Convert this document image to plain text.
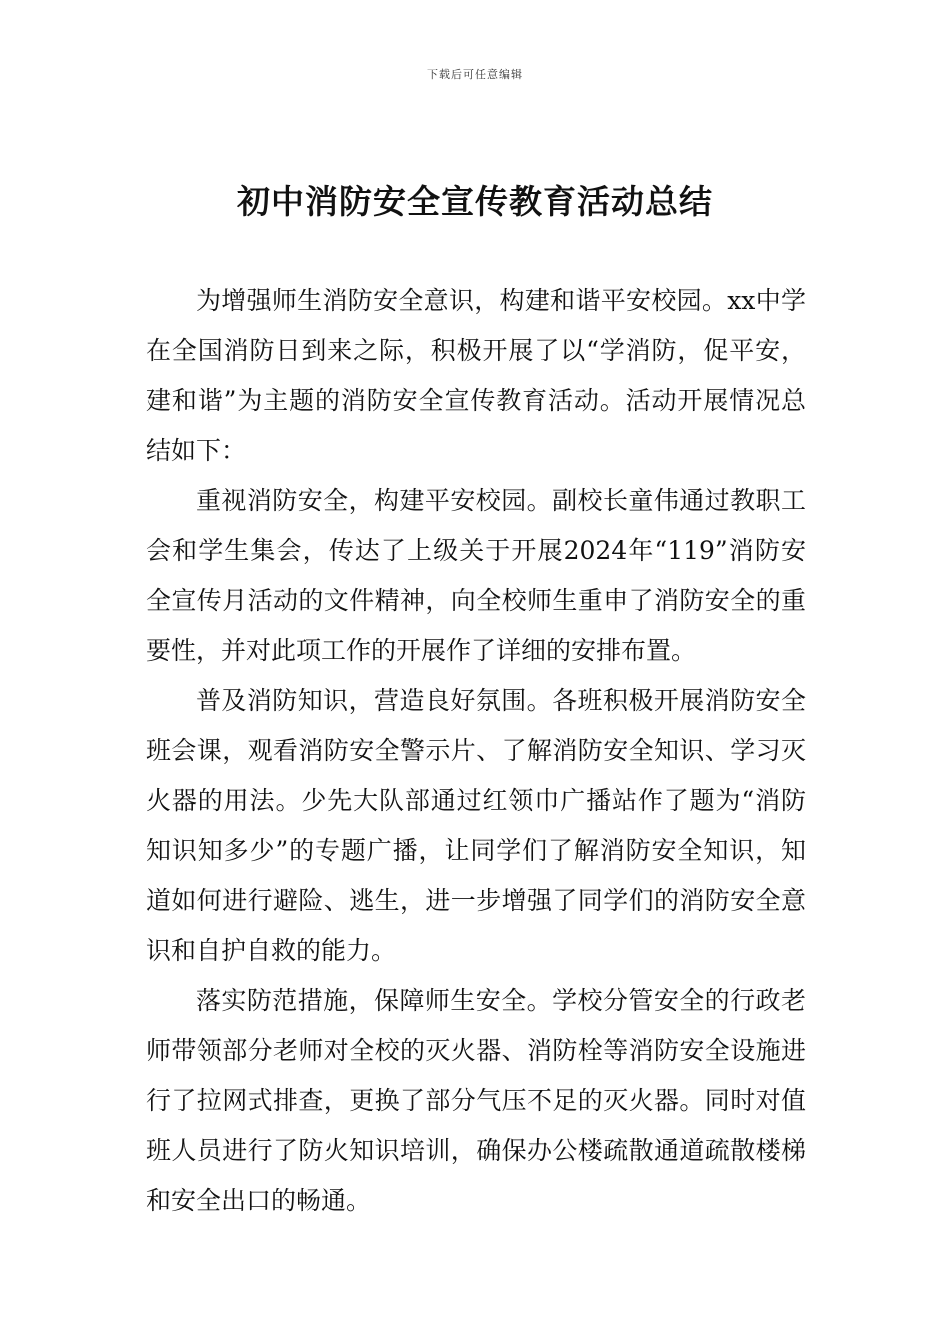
下载后可任意编辑
初中消防安全宣传教育活动总结

为增强师生消防安全意识，构建和谐平安校园。xx中学在全国消防日到来之际，积极开展了以“学消防，促平安，建和谐”为主题的消防安全宣传教育活动。活动开展情况总结如下：

重视消防安全，构建平安校园。副校长童伟通过教职工会和学生集会，传达了上级关于开展2024年“119”消防安全宣传月活动的文件精神，向全校师生重申了消防安全的重要性，并对此项工作的开展作了详细的安排布置。

普及消防知识，营造良好氛围。各班积极开展消防安全班会课，观看消防安全警示片、了解消防安全知识、学习灭火器的用法。少先大队部通过红领巾广播站作了题为“消防知识知多少”的专题广播，让同学们了解消防安全知识，知道如何进行避险、逃生，进一步增强了同学们的消防安全意识和自护自救的能力。

落实防范措施，保障师生安全。学校分管安全的行政老师带领部分老师对全校的灭火器、消防栓等消防安全设施进行了拉网式排查，更换了部分气压不足的灭火器。同时对值班人员进行了防火知识培训，确保办公楼疏散通道疏散楼梯和安全出口的畅通。
